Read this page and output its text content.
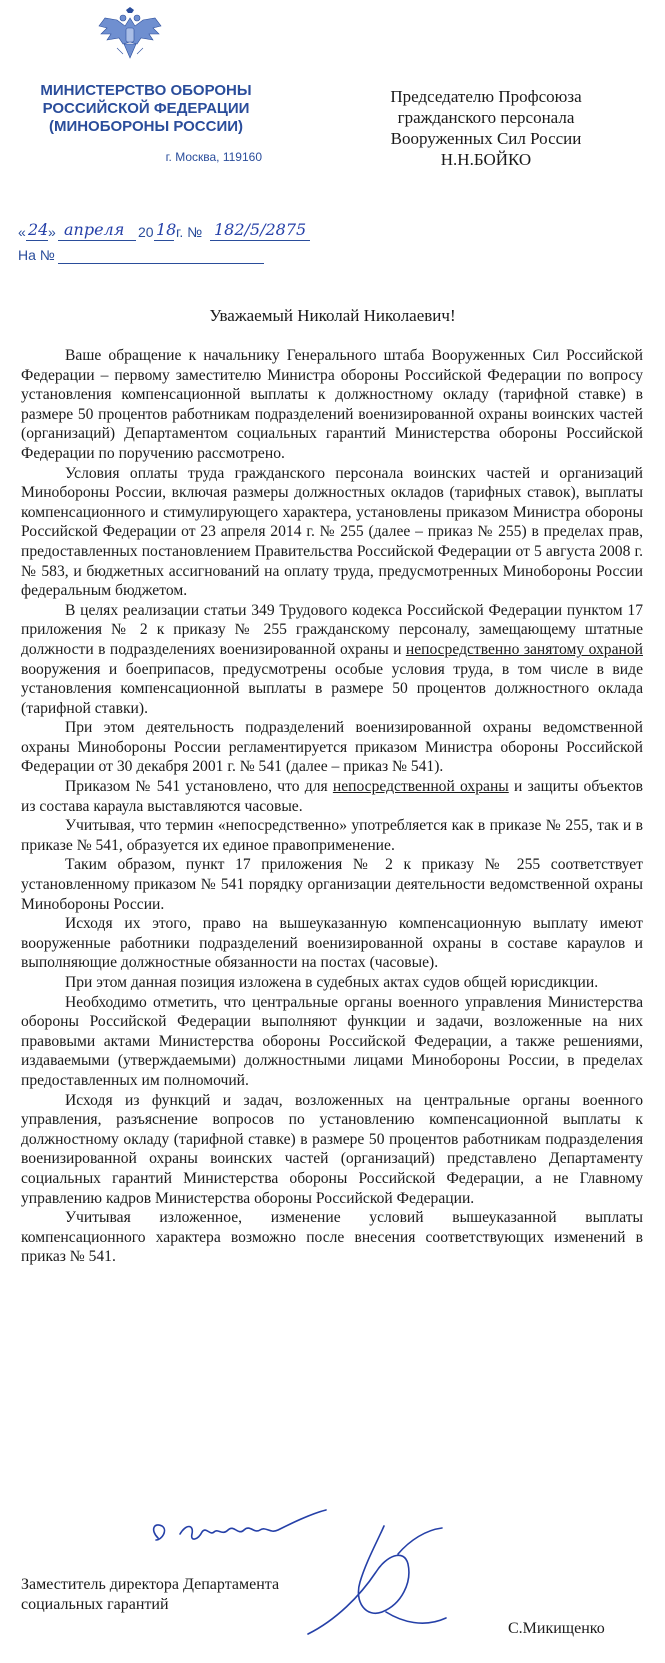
МИНИСТЕРСТВО ОБОРОНЫ
РОССИЙСКОЙ ФЕДЕРАЦИИ
(МИНОБОРОНЫ РОССИИ)
г. Москва, 119160
Председателю Профсоюза
гражданского персонала
Вооруженных Сил России
Н.Н.БОЙКО
« 24 » апреля 20 18 г. № 182/5/2875
На №
Уважаемый Николай Николаевич!

Ваше обращение к начальнику Генерального штаба Вооруженных Сил Российской Федерации – первому заместителю Министра обороны Российской Федерации по вопросу установления компенсационной выплаты к должностному окладу (тарифной ставке) в размере 50 процентов работникам подразделений военизированной охраны воинских частей (организаций) Департаментом социальных гарантий Министерства обороны Российской Федерации по поручению рассмотрено.

Условия оплаты труда гражданского персонала воинских частей и организаций Минобороны России, включая размеры должностных окладов (тарифных ставок), выплаты компенсационного и стимулирующего характера, установлены приказом Министра обороны Российской Федерации от 23 апреля 2014 г. № 255 (далее – приказ № 255) в пределах прав, предоставленных постановлением Правительства Российской Федерации от 5 августа 2008 г. № 583, и бюджетных ассигнований на оплату труда, предусмотренных Минобороны России федеральным бюджетом.

В целях реализации статьи 349 Трудового кодекса Российской Федерации пунктом 17 приложения № 2 к приказу № 255 гражданскому персоналу, замещающему штатные должности в подразделениях военизированной охраны и непосредственно занятому охраной вооружения и боеприпасов, предусмотрены особые условия труда, в том числе в виде установления компенсационной выплаты в размере 50 процентов должностного оклада (тарифной ставки).

При этом деятельность подразделений военизированной охраны ведомственной охраны Минобороны России регламентируется приказом Министра обороны Российской Федерации от 30 декабря 2001 г. № 541 (далее – приказ № 541).

Приказом № 541 установлено, что для непосредственной охраны и защиты объектов из состава караула выставляются часовые.

Учитывая, что термин «непосредственно» употребляется как в приказе № 255, так и в приказе № 541, образуется их единое правоприменение.

Таким образом, пункт 17 приложения № 2 к приказу № 255 соответствует установленному приказом № 541 порядку организации деятельности ведомственной охраны Минобороны России.

Исходя их этого, право на вышеуказанную компенсационную выплату имеют вооруженные работники подразделений военизированной охраны в составе караулов и выполняющие должностные обязанности на постах (часовые).

При этом данная позиция изложена в судебных актах судов общей юрисдикции.

Необходимо отметить, что центральные органы военного управления Министерства обороны Российской Федерации выполняют функции и задачи, возложенные на них правовыми актами Министерства обороны Российской Федерации, а также решениями, издаваемыми (утверждаемыми) должностными лицами Минобороны России, в пределах предоставленных им полномочий.

Исходя из функций и задач, возложенных на центральные органы военного управления, разъяснение вопросов по установлению компенсационной выплаты к должностному окладу (тарифной ставке) в размере 50 процентов работникам подразделения военизированной охраны воинских частей (организаций) представлено Департаменту социальных гарантий Министерства обороны Российской Федерации, а не Главному управлению кадров Министерства обороны Российской Федерации.

Учитывая изложенное, изменение условий вышеуказанной выплаты компенсационного характера возможно после внесения соответствующих изменений в приказ № 541.

С уважением
Заместитель директора Департамента
социальных гарантий
С.Микищенко
